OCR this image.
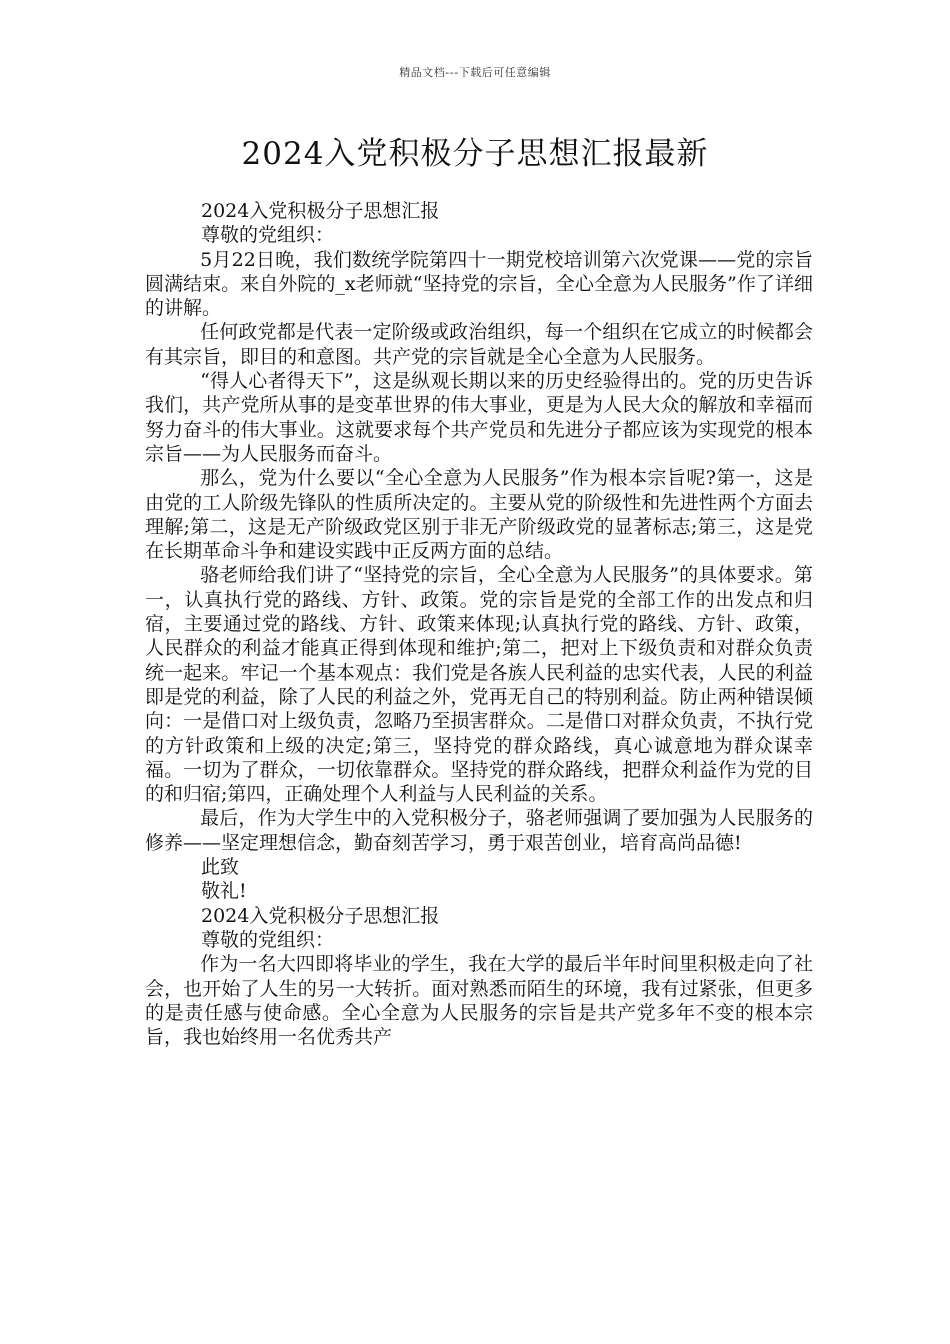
精品文档---下载后可任意编辑
2024入党积极分子思想汇报最新

2024入党积极分子思想汇报

尊敬的党组织：

5月22日晚，我们数统学院第四十一期党校培训第六次党课——党的宗旨圆满结束。来自外院的_x老师就“坚持党的宗旨，全心全意为人民服务”作了详细的讲解。

任何政党都是代表一定阶级或政治组织，每一个组织在它成立的时候都会有其宗旨，即目的和意图。共产党的宗旨就是全心全意为人民服务。

“得人心者得天下”，这是纵观长期以来的历史经验得出的。党的历史告诉我们，共产党所从事的是变革世界的伟大事业，更是为人民大众的解放和幸福而努力奋斗的伟大事业。这就要求每个共产党员和先进分子都应该为实现党的根本宗旨——为人民服务而奋斗。

那么，党为什么要以“全心全意为人民服务”作为根本宗旨呢?第一，这是由党的工人阶级先锋队的性质所决定的。主要从党的阶级性和先进性两个方面去理解;第二，这是无产阶级政党区别于非无产阶级政党的显著标志;第三，这是党在长期革命斗争和建设实践中正反两方面的总结。

骆老师给我们讲了“坚持党的宗旨，全心全意为人民服务”的具体要求。第一，认真执行党的路线、方针、政策。党的宗旨是党的全部工作的出发点和归宿，主要通过党的路线、方针、政策来体现;认真执行党的路线、方针、政策，人民群众的利益才能真正得到体现和维护;第二，把对上下级负责和对群众负责统一起来。牢记一个基本观点：我们党是各族人民利益的忠实代表，人民的利益即是党的利益，除了人民的利益之外，党再无自己的特别利益。防止两种错误倾向：一是借口对上级负责，忽略乃至损害群众。二是借口对群众负责，不执行党的方针政策和上级的决定;第三，坚持党的群众路线，真心诚意地为群众谋幸福。一切为了群众，一切依靠群众。坚持党的群众路线，把群众利益作为党的目的和归宿;第四，正确处理个人利益与人民利益的关系。

最后，作为大学生中的入党积极分子，骆老师强调了要加强为人民服务的修养——坚定理想信念，勤奋刻苦学习，勇于艰苦创业，培育高尚品德!

此致

敬礼!

2024入党积极分子思想汇报

尊敬的党组织：

作为一名大四即将毕业的学生，我在大学的最后半年时间里积极走向了社会，也开始了人生的另一大转折。面对熟悉而陌生的环境，我有过紧张，但更多的是责任感与使命感。全心全意为人民服务的宗旨是共产党多年不变的根本宗旨，我也始终用一名优秀共产
